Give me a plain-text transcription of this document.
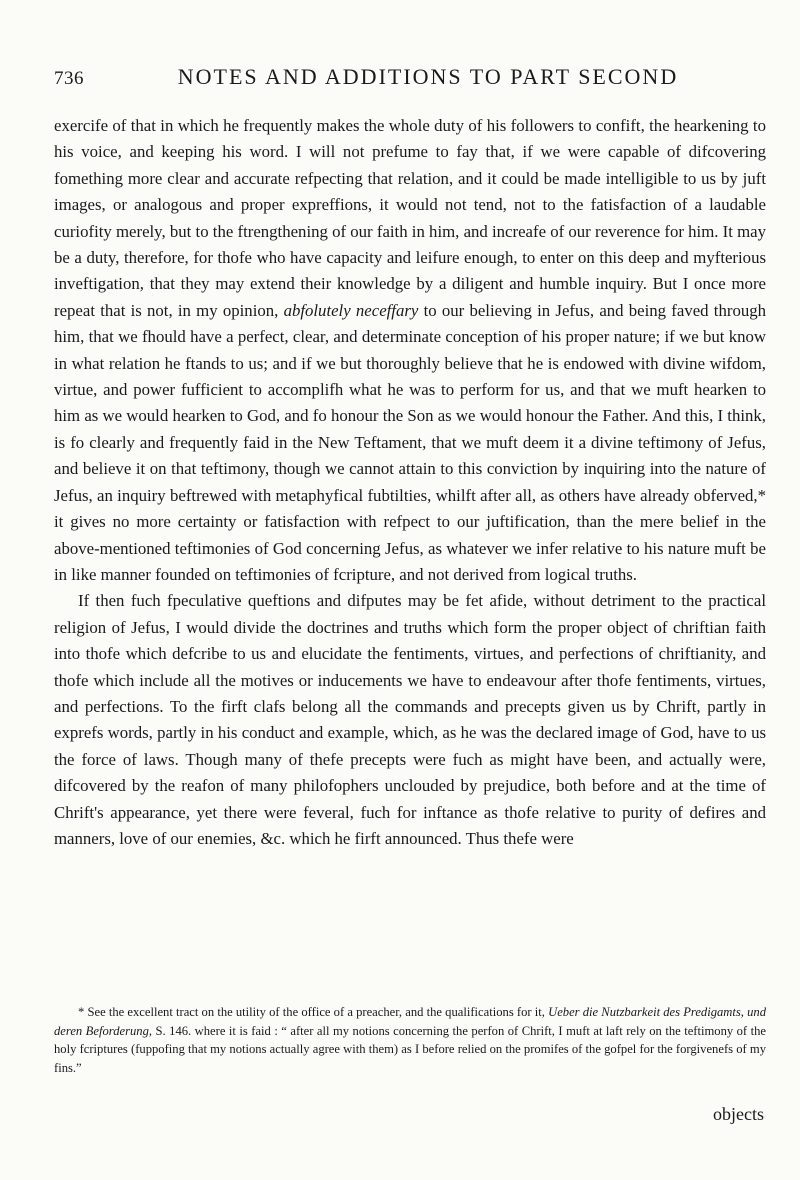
736	NOTES AND ADDITIONS TO PART SECOND

exercife of that in which he frequently makes the whole duty of his followers to confift, the hearkening to his voice, and keeping his word. I will not prefume to fay that, if we were capable of difcovering fomething more clear and accurate refpecting that relation, and it could be made intelligible to us by juft images, or analogous and proper expreffions, it would not tend, not to the fatisfaction of a laudable curiofity merely, but to the ftrengthening of our faith in him, and increafe of our reverence for him. It may be a duty, therefore, for thofe who have capacity and leifure enough, to enter on this deep and myfterious inveftigation, that they may extend their knowledge by a diligent and humble inquiry. But I once more repeat that is not, in my opinion, abfolutely neceffary to our believing in Jefus, and being faved through him, that we fhould have a perfect, clear, and determinate conception of his proper nature; if we but know in what relation he ftands to us; and if we but thoroughly believe that he is endowed with divine wifdom, virtue, and power fufficient to accomplifh what he was to perform for us, and that we muft hearken to him as we would hearken to God, and fo honour the Son as we would honour the Father. And this, I think, is fo clearly and frequently faid in the New Teftament, that we muft deem it a divine teftimony of Jefus, and believe it on that teftimony, though we cannot attain to this conviction by inquiring into the nature of Jefus, an inquiry beftrewed with metaphyfical fubtilties, whilft after all, as others have already obferved,* it gives no more certainty or fatisfaction with refpect to our juftification, than the mere belief in the above-mentioned teftimonies of God concerning Jefus, as whatever we infer relative to his nature muft be in like manner founded on teftimonies of fcripture, and not derived from logical truths.

If then fuch fpeculative queftions and difputes may be fet afide, without detriment to the practical religion of Jefus, I would divide the doctrines and truths which form the proper object of chriftian faith into thofe which defcribe to us and elucidate the fentiments, virtues, and perfections of chriftianity, and thofe which include all the motives or inducements we have to endeavour after thofe fentiments, virtues, and perfections. To the firft clafs belong all the commands and precepts given us by Chrift, partly in exprefs words, partly in his conduct and example, which, as he was the declared image of God, have to us the force of laws. Though many of thefe precepts were fuch as might have been, and actually were, difcovered by the reafon of many philofophers unclouded by prejudice, both before and at the time of Chrift's appearance, yet there were feveral, fuch for inftance as thofe relative to purity of defires and manners, love of our enemies, &c. which he firft announced. Thus thefe were

* See the excellent tract on the utility of the office of a preacher, and the qualifications for it, Ueber die Nutzbarkeit des Predigamts, und deren Beforderung, S. 146. where it is faid : “ after all my notions concerning the perfon of Chrift, I muft at laft rely on the teftimony of the holy fcriptures (fuppofing that my notions actually agree with them) as I before relied on the promifes of the gofpel for the forgivenefs of my fins.”

objects
